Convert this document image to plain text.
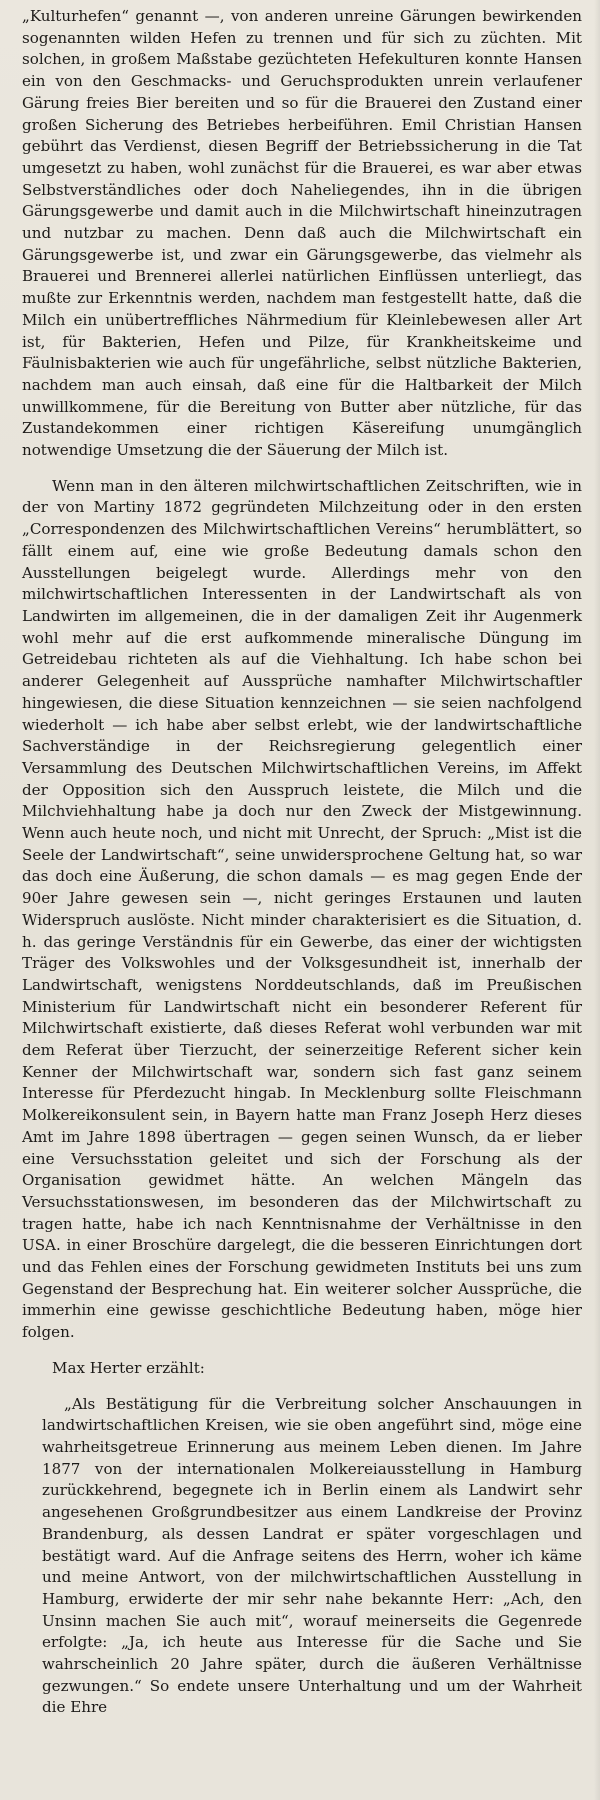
„Kulturhefen“ genannt —, von anderen unreine Gärungen bewirkenden sogenannten wilden Hefen zu trennen und für sich zu züchten. Mit solchen, in großem Maßstabe gezüchteten Hefekulturen konnte Hansen ein von den Geschmacks- und Geruchsprodukten unrein verlaufener Gärung freies Bier bereiten und so für die Brauerei den Zustand einer großen Sicherung des Betriebes herbeiführen. Emil Christian Hansen gebührt das Verdienst, diesen Begriff der Betriebssicherung in die Tat umgesetzt zu haben, wohl zunächst für die Brauerei, es war aber etwas Selbstverständliches oder doch Naheliegendes, ihn in die übrigen Gärungsgewerbe und damit auch in die Milchwirtschaft hineinzutragen und nutzbar zu machen. Denn daß auch die Milchwirtschaft ein Gärungsgewerbe ist, und zwar ein Gärungsgewerbe, das vielmehr als Brauerei und Brennerei allerlei natürlichen Einflüssen unterliegt, das mußte zur Erkenntnis werden, nachdem man festgestellt hatte, daß die Milch ein unübertreffliches Nährmedium für Kleinlebewesen aller Art ist, für Bakterien, Hefen und Pilze, für Krankheitskeime und Fäulnisbakterien wie auch für ungefährliche, selbst nützliche Bakterien, nachdem man auch einsah, daß eine für die Haltbarkeit der Milch unwillkommene, für die Bereitung von Butter aber nützliche, für das Zustandekommen einer richtigen Käsereifung unumgänglich notwendige Umsetzung die der Säuerung der Milch ist.

Wenn man in den älteren milchwirtschaftlichen Zeitschriften, wie in der von Martiny 1872 gegründeten Milchzeitung oder in den ersten „Correspondenzen des Milchwirtschaftlichen Vereins“ herumblättert, so fällt einem auf, eine wie große Bedeutung damals schon den Ausstellungen beigelegt wurde. Allerdings mehr von den milchwirtschaftlichen Interessenten in der Landwirtschaft als von Landwirten im allgemeinen, die in der damaligen Zeit ihr Augenmerk wohl mehr auf die erst aufkommende mineralische Düngung im Getreidebau richteten als auf die Viehhaltung. Ich habe schon bei anderer Gelegenheit auf Aussprüche namhafter Milchwirtschaftler hingewiesen, die diese Situation kennzeichnen — sie seien nachfolgend wiederholt — ich habe aber selbst erlebt, wie der landwirtschaftliche Sachverständige in der Reichsregierung gelegentlich einer Versammlung des Deutschen Milchwirtschaftlichen Vereins, im Affekt der Opposition sich den Ausspruch leistete, die Milch und die Milchviehhaltung habe ja doch nur den Zweck der Mistgewinnung. Wenn auch heute noch, und nicht mit Unrecht, der Spruch: „Mist ist die Seele der Landwirtschaft“, seine unwidersprochene Geltung hat, so war das doch eine Äußerung, die schon damals — es mag gegen Ende der 90er Jahre gewesen sein —, nicht geringes Erstaunen und lauten Widerspruch auslöste. Nicht minder charakterisiert es die Situation, d. h. das geringe Verständnis für ein Gewerbe, das einer der wichtigsten Träger des Volkswohles und der Volksgesundheit ist, innerhalb der Landwirtschaft, wenigstens Norddeutschlands, daß im Preußischen Ministerium für Landwirtschaft nicht ein besonderer Referent für Milchwirtschaft existierte, daß dieses Referat wohl verbunden war mit dem Referat über Tierzucht, der seinerzeitige Referent sicher kein Kenner der Milchwirtschaft war, sondern sich fast ganz seinem Interesse für Pferdezucht hingab. In Mecklenburg sollte Fleischmann Molkereikonsulent sein, in Bayern hatte man Franz Joseph Herz dieses Amt im Jahre 1898 übertragen — gegen seinen Wunsch, da er lieber eine Versuchsstation geleitet und sich der Forschung als der Organisation gewidmet hätte. An welchen Mängeln das Versuchsstationswesen, im besonderen das der Milchwirtschaft zu tragen hatte, habe ich nach Kenntnisnahme der Verhältnisse in den USA. in einer Broschüre dargelegt, die die besseren Einrichtungen dort und das Fehlen eines der Forschung gewidmeten Instituts bei uns zum Gegenstand der Besprechung hat. Ein weiterer solcher Aussprüche, die immerhin eine gewisse geschichtliche Bedeutung haben, möge hier folgen.

Max Herter erzählt:

„Als Bestätigung für die Verbreitung solcher Anschauungen in landwirtschaftlichen Kreisen, wie sie oben angeführt sind, möge eine wahrheitsgetreue Erinnerung aus meinem Leben dienen. Im Jahre 1877 von der internationalen Molkereiausstellung in Hamburg zurückkehrend, begegnete ich in Berlin einem als Landwirt sehr angesehenen Großgrundbesitzer aus einem Landkreise der Provinz Brandenburg, als dessen Landrat er später vorgeschlagen und bestätigt ward. Auf die Anfrage seitens des Herrn, woher ich käme und meine Antwort, von der milchwirtschaftlichen Ausstellung in Hamburg, erwiderte der mir sehr nahe bekannte Herr: „Ach, den Unsinn machen Sie auch mit“, worauf meinerseits die Gegenrede erfolgte: „Ja, ich heute aus Interesse für die Sache und Sie wahrscheinlich 20 Jahre später, durch die äußeren Verhältnisse gezwungen.“ So endete unsere Unterhaltung und um der Wahrheit die Ehre
